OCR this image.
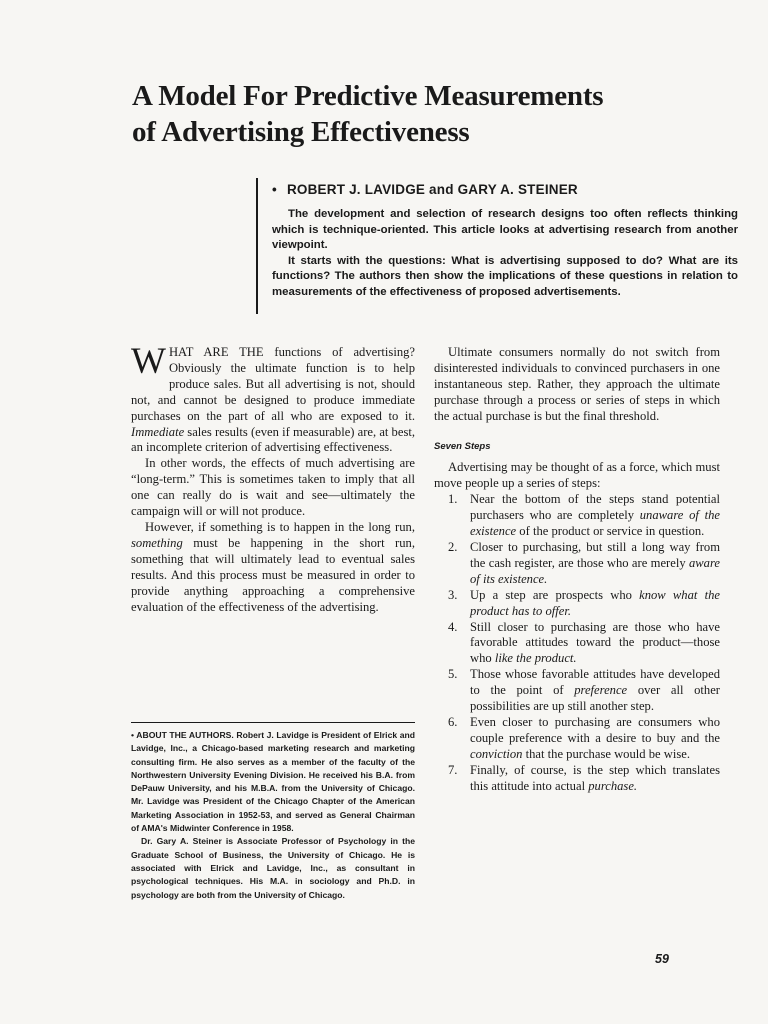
A Model For Predictive Measurements
of Advertising Effectiveness
• ROBERT J. LAVIDGE and GARY A. STEINER

The development and selection of research designs too often reflects thinking which is technique-oriented. This article looks at advertising research from another viewpoint.

It starts with the questions: What is advertising supposed to do? What are its functions? The authors then show the implications of these questions in relation to measurements of the effectiveness of proposed advertisements.

WHAT ARE THE functions of advertising? Obviously the ultimate function is to help produce sales. But all advertising is not, should not, and cannot be designed to produce immediate purchases on the part of all who are exposed to it. Immediate sales results (even if measurable) are, at best, an incomplete criterion of advertising effectiveness.

In other words, the effects of much advertising are “long-term.” This is sometimes taken to imply that all one can really do is wait and see—ultimately the campaign will or will not produce.

However, if something is to happen in the long run, something must be happening in the short run, something that will ultimately lead to eventual sales results. And this process must be measured in order to provide anything approaching a comprehensive evaluation of the effectiveness of the advertising.

• ABOUT THE AUTHORS. Robert J. Lavidge is President of Elrick and Lavidge, Inc., a Chicago-based marketing research and marketing consulting firm. He also serves as a member of the faculty of the Northwestern University Evening Division. He received his B.A. from DePauw University, and his M.B.A. from the University of Chicago. Mr. Lavidge was President of the Chicago Chapter of the American Marketing Association in 1952-53, and served as General Chairman of AMA's Midwinter Conference in 1958.

Dr. Gary A. Steiner is Associate Professor of Psychology in the Graduate School of Business, the University of Chicago. He is associated with Elrick and Lavidge, Inc., as consultant in psychological techniques. His M.A. in sociology and Ph.D. in psychology are both from the University of Chicago.

Ultimate consumers normally do not switch from disinterested individuals to convinced purchasers in one instantaneous step. Rather, they approach the ultimate purchase through a process or series of steps in which the actual purchase is but the final threshold.

Seven Steps

Advertising may be thought of as a force, which must move people up a series of steps:

1. Near the bottom of the steps stand potential purchasers who are completely unaware of the existence of the product or service in question.
2. Closer to purchasing, but still a long way from the cash register, are those who are merely aware of its existence.
3. Up a step are prospects who know what the product has to offer.
4. Still closer to purchasing are those who have favorable attitudes toward the product—those who like the product.
5. Those whose favorable attitudes have developed to the point of preference over all other possibilities are up still another step.
6. Even closer to purchasing are consumers who couple preference with a desire to buy and the conviction that the purchase would be wise.
7. Finally, of course, is the step which translates this attitude into actual purchase.
59
